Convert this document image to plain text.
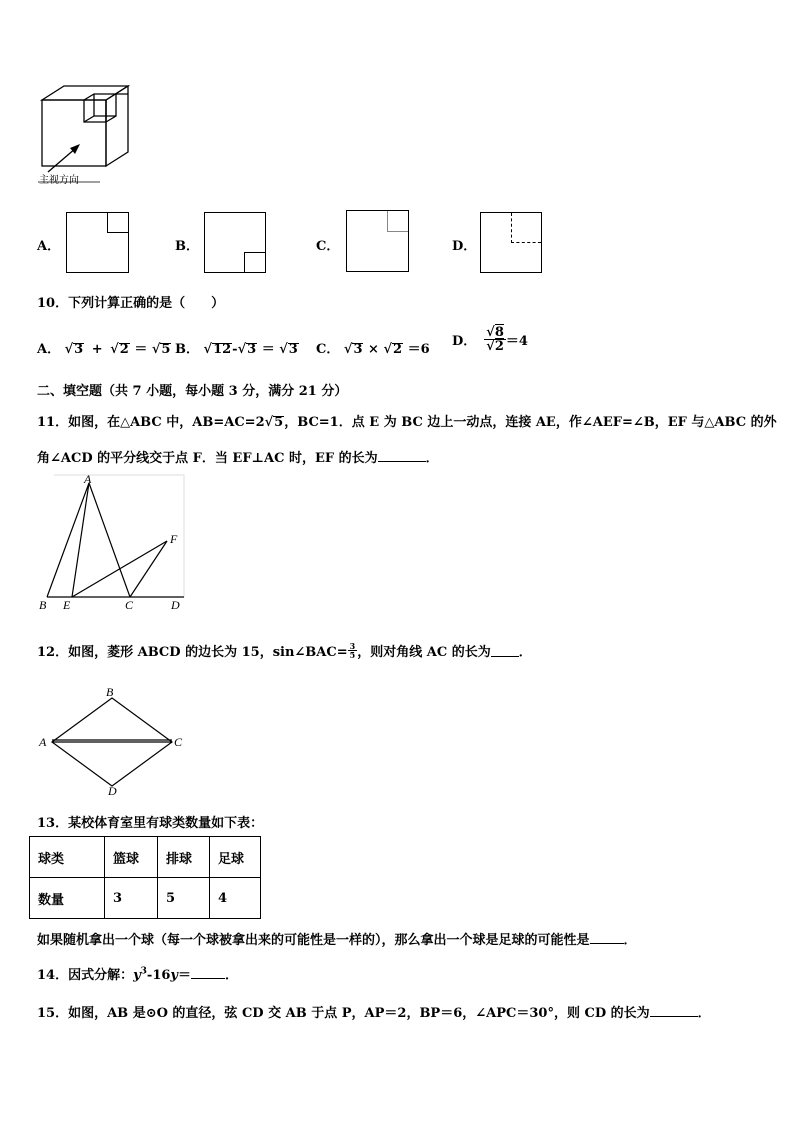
主视方向
A．	B．	C．	D．
10．下列计算正确的是（　　）
A． √3 + √2 ＝ √5 B． √12-√3 ＝ √3 C． √3 × √2 ＝6
D． $\frac{√8}{√2} =4$
二、填空题（共 7 小题，每小题 3 分，满分 21 分）
11．如图，在△ABC 中，AB=AC=2√5，BC=1．点 E 为 BC 边上一动点，连接 AE，作∠AEF=∠B，EF 与△ABC 的外
角∠ACD 的平分线交于点 F．当 EF⊥AC 时，EF 的长为	．
A
B E	C	D
F
12．如图，菱形 ABCD 的边长为 15，sin∠BAC= $\frac{3}{5}$ ，则对角线 AC 的长为 ．
B
A	C
D
13．某校体育室里有球类数量如下表：
球类	篮球	排球	足球
数量	3	5	4
如果随机拿出一个球（每一个球被拿出来的可能性是一样的），那么拿出一个球是足球的可能性是	．
14．因式分解：$y^3-16y=$	．
15．如图，AB 是⊙O 的直径，弦 CD 交 AB 于点 P，AP＝2，BP＝6，∠APC＝30°，则 CD 的长为	．
